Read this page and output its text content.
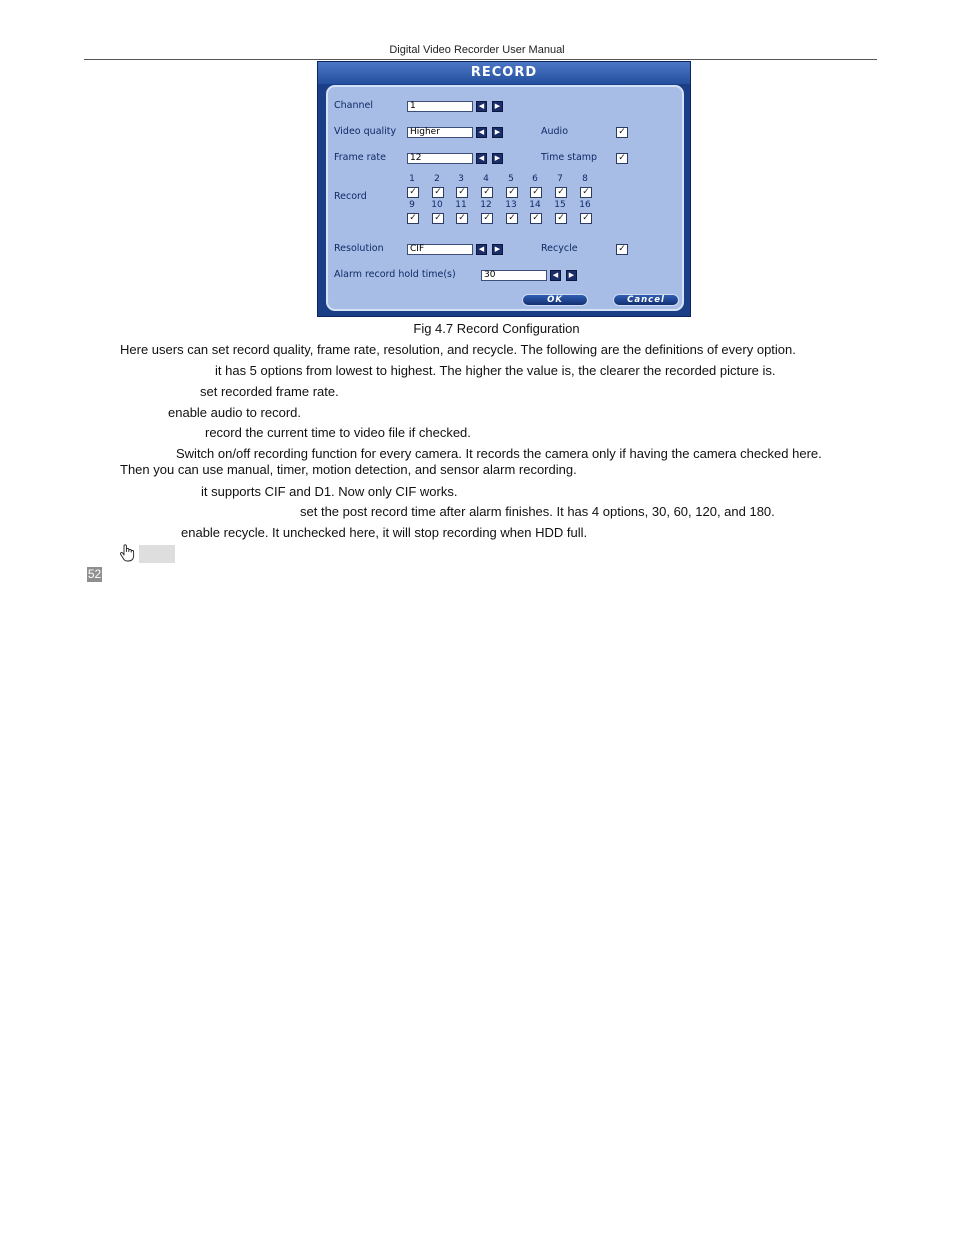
Digital Video Recorder User Manual
RECORD
Channel	1	◀	▶
Video quality	Higher	◀	▶	Audio	✓
Frame rate	12	◀	▶	Time stamp ✓
Record
1	2	3	4	5	6	7	8
✓ ✓ ✓ ✓ ✓ ✓ ✓ ✓
9	10	11	12	13	14	15	16
✓ ✓ ✓ ✓ ✓ ✓ ✓ ✓
Resolution	CIF	◀	▶	Recycle	✓
Alarm record hold time(s)	30	◀	▶
OK	Cancel
Fig 4.7 Record Configuration
Here users can set record quality, frame rate, resolution, and recycle. The following are the definitions of every option.
it has 5 options from lowest to highest. The higher the value is, the clearer the recorded picture is.
set recorded frame rate.
enable audio to record.
record the current time to video file if checked.
Switch on/off recording function for every camera. It records the camera only if having the camera checked here.
Then you can use manual, timer, motion detection, and sensor alarm recording.
it supports CIF and D1. Now only CIF works.
set the post record time after alarm finishes. It has 4 options, 30, 60, 120, and 180.
enable recycle. It unchecked here, it will stop recording when HDD full.
52
